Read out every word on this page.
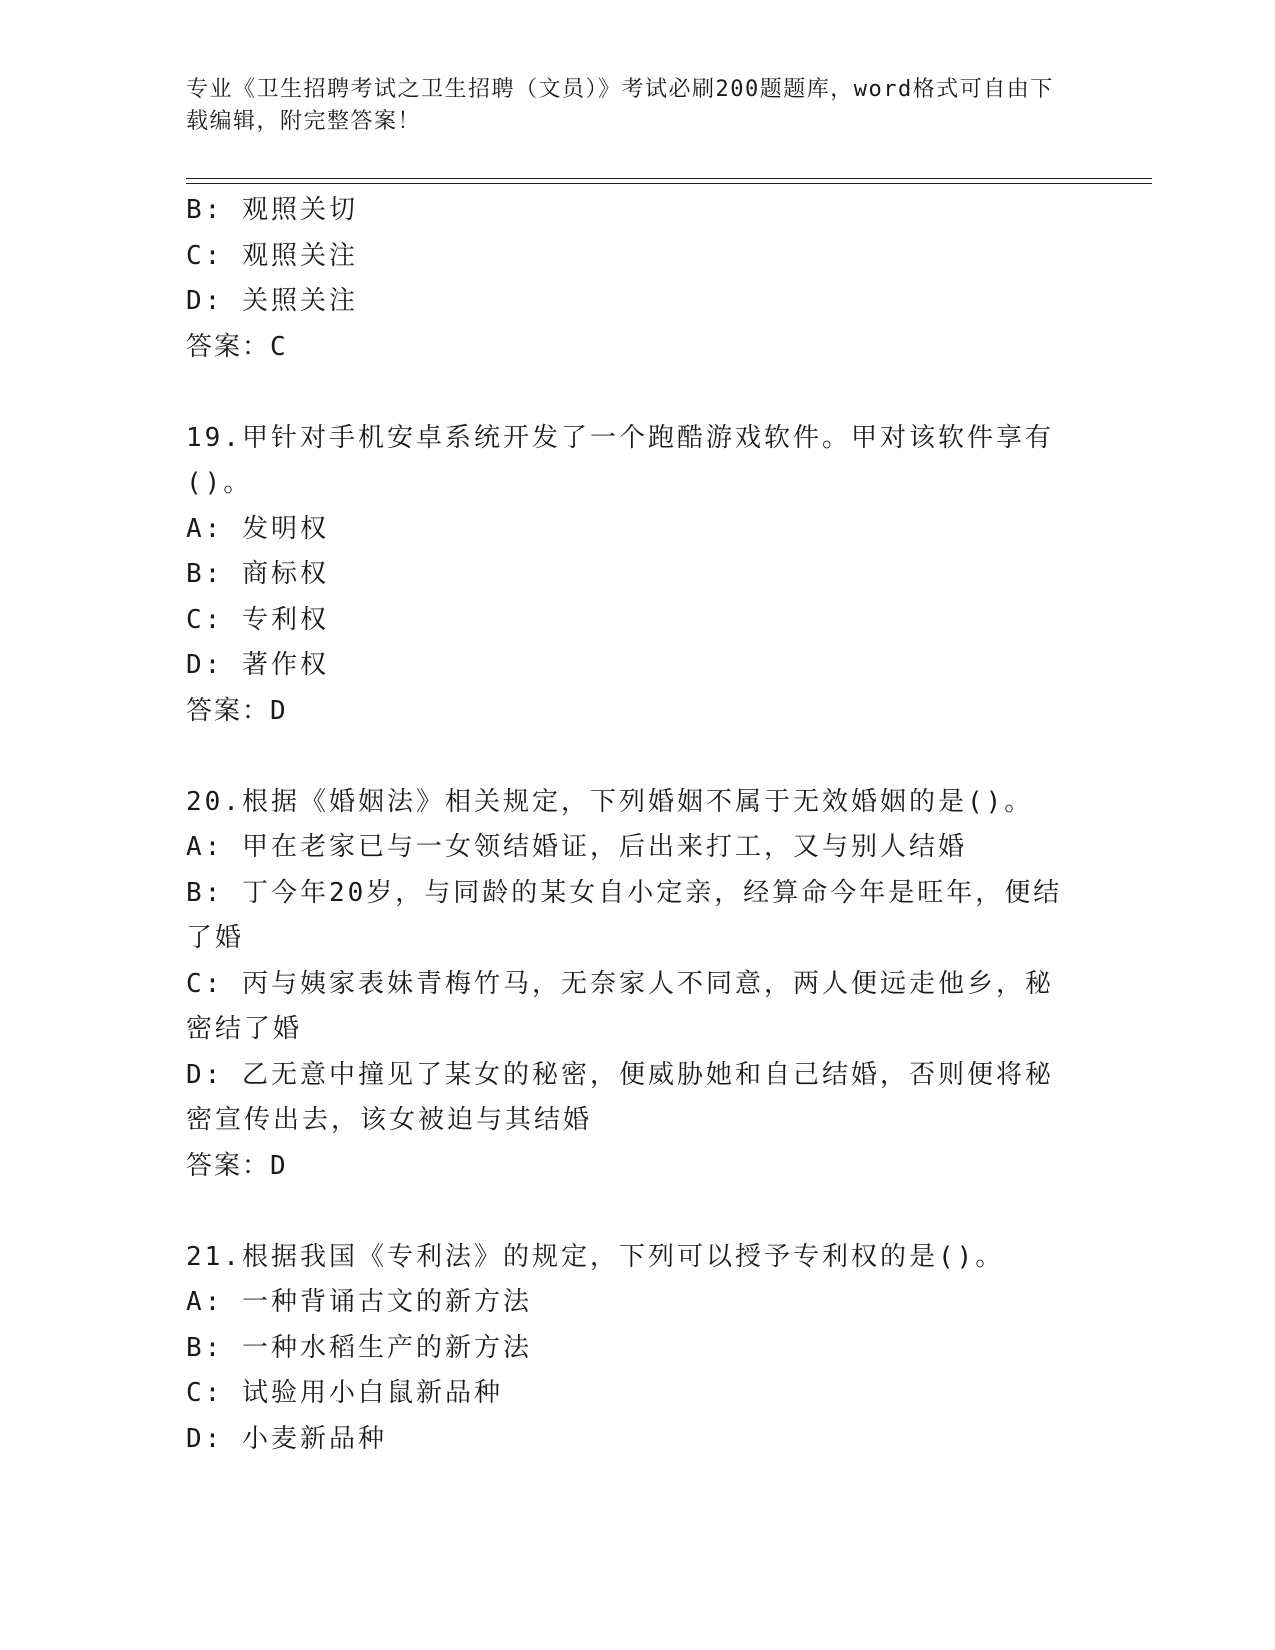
专业《卫生招聘考试之卫生招聘（文员）》考试必刷200题题库，word格式可自由下载编辑，附完整答案！

B: 观照关切

C: 观照关注

D: 关照关注

答案：C

19.甲针对手机安卓系统开发了一个跑酷游戏软件。甲对该软件享有()。

A: 发明权

B: 商标权

C: 专利权

D: 著作权

答案：D

20.根据《婚姻法》相关规定，下列婚姻不属于无效婚姻的是()。

A: 甲在老家已与一女领结婚证，后出来打工，又与别人结婚

B: 丁今年20岁，与同龄的某女自小定亲，经算命今年是旺年，便结了婚

C: 丙与姨家表妹青梅竹马，无奈家人不同意，两人便远走他乡，秘密结了婚

D: 乙无意中撞见了某女的秘密，便威胁她和自己结婚，否则便将秘密宣传出去，该女被迫与其结婚

答案：D

21.根据我国《专利法》的规定，下列可以授予专利权的是()。

A: 一种背诵古文的新方法

B: 一种水稻生产的新方法

C: 试验用小白鼠新品种

D: 小麦新品种
